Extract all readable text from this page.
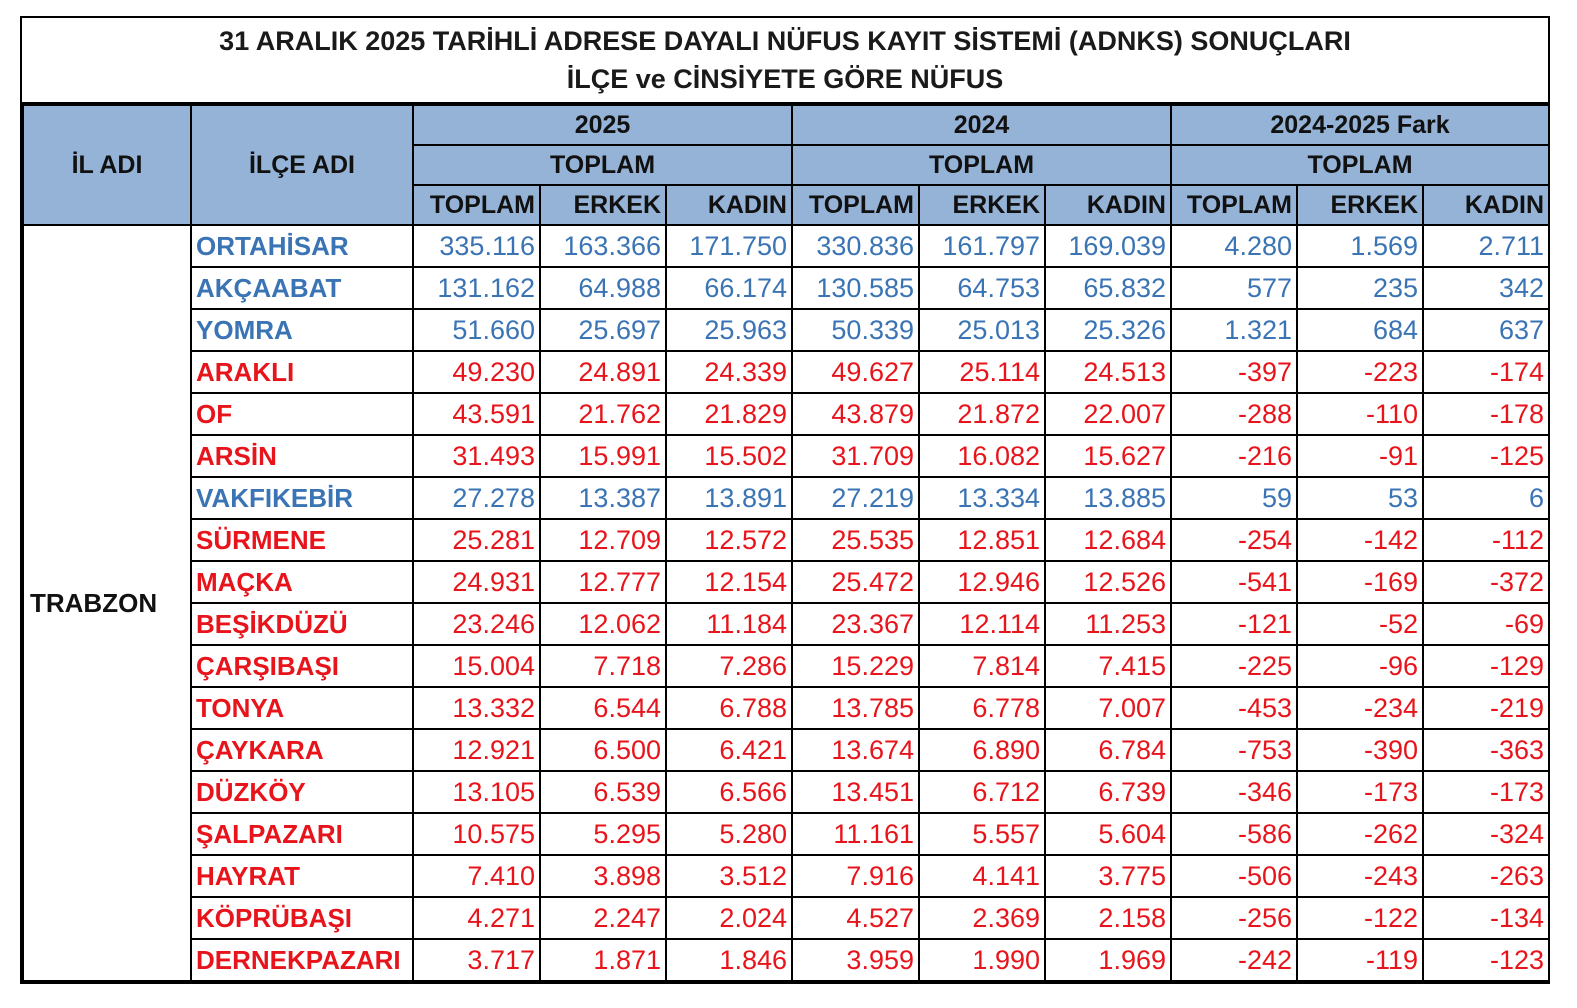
31 ARALIK 2025 TARİHLİ ADRESE DAYALI NÜFUS KAYIT SİSTEMİ (ADNKS) SONUÇLARI
İLÇE ve CİNSİYETE GÖRE NÜFUS
İL ADI	İLÇE ADI	2025			2024			2024-2025 Fark		
		TOPLAM			TOPLAM			TOPLAM		
		TOPLAM	ERKEK	KADIN	TOPLAM	ERKEK	KADIN	TOPLAM	ERKEK	KADIN
TRABZON	ORTAHİSAR	335.116	163.366	171.750	330.836	161.797	169.039	4.280	1.569	2.711
	AKÇAABAT	131.162	64.988	66.174	130.585	64.753	65.832	577	235	342
	YOMRA	51.660	25.697	25.963	50.339	25.013	25.326	1.321	684	637
	ARAKLI	49.230	24.891	24.339	49.627	25.114	24.513	-397	-223	-174
	OF	43.591	21.762	21.829	43.879	21.872	22.007	-288	-110	-178
	ARSİN	31.493	15.991	15.502	31.709	16.082	15.627	-216	-91	-125
	VAKFIKEBİR	27.278	13.387	13.891	27.219	13.334	13.885	59	53	6
	SÜRMENE	25.281	12.709	12.572	25.535	12.851	12.684	-254	-142	-112
	MAÇKA	24.931	12.777	12.154	25.472	12.946	12.526	-541	-169	-372
	BEŞİKDÜZÜ	23.246	12.062	11.184	23.367	12.114	11.253	-121	-52	-69
	ÇARŞIBAŞI	15.004	7.718	7.286	15.229	7.814	7.415	-225	-96	-129
	TONYA	13.332	6.544	6.788	13.785	6.778	7.007	-453	-234	-219
	ÇAYKARA	12.921	6.500	6.421	13.674	6.890	6.784	-753	-390	-363
	DÜZKÖY	13.105	6.539	6.566	13.451	6.712	6.739	-346	-173	-173
	ŞALPAZARI	10.575	5.295	5.280	11.161	5.557	5.604	-586	-262	-324
	HAYRAT	7.410	3.898	3.512	7.916	4.141	3.775	-506	-243	-263
	KÖPRÜBAŞI	4.271	2.247	2.024	4.527	2.369	2.158	-256	-122	-134
	DERNEKPAZARI	3.717	1.871	1.846	3.959	1.990	1.969	-242	-119	-123
